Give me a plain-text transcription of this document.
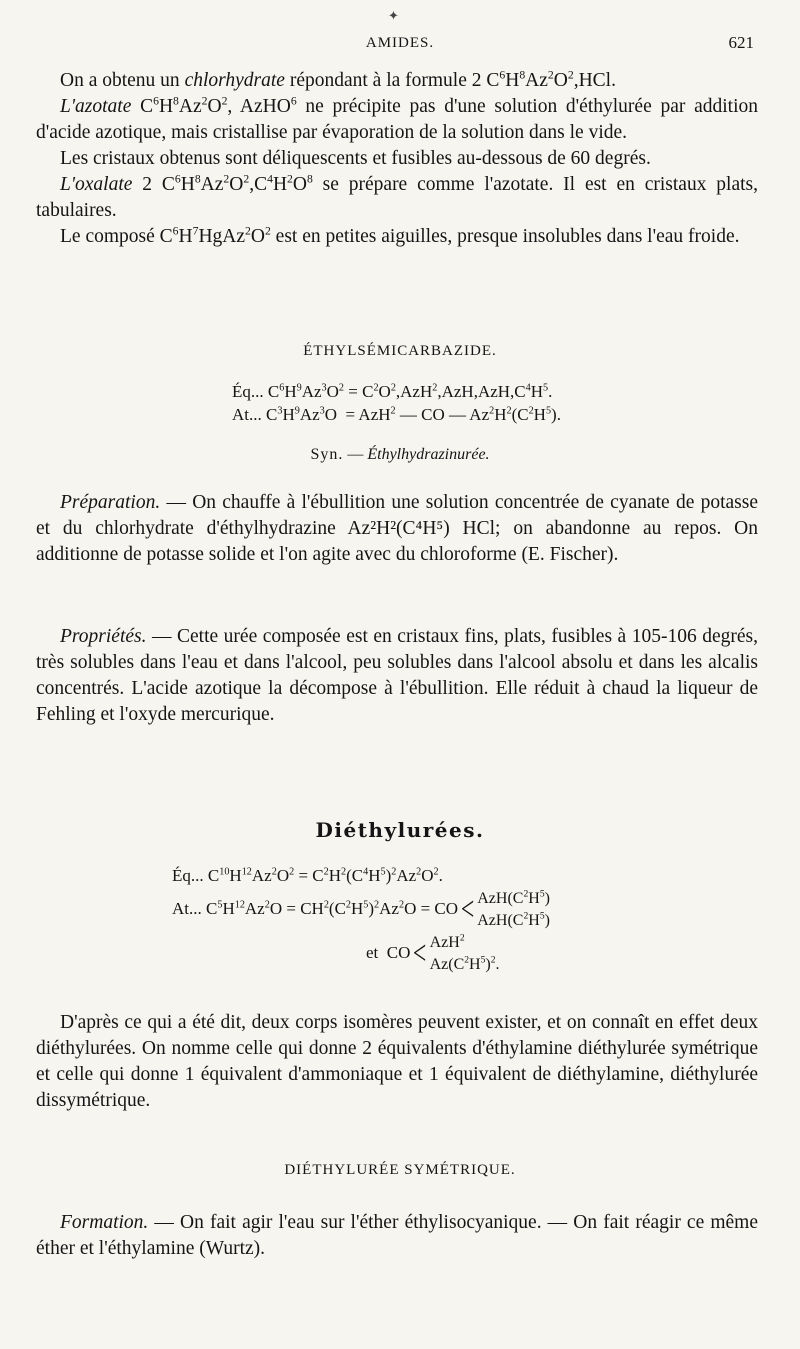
✦
AMIDES.	621

On a obtenu un chlorhydrate répondant à la formule 2 $C^6H^8Az^2O^2,HCl$.

L'azotate $C^6H^8Az^2O^2$, AzHO$^6$ ne précipite pas d'une solution d'éthylurée par addition d'acide azotique, mais cristallise par évaporation de la solution dans le vide.

Les cristaux obtenus sont déliquescents et fusibles au-dessous de 60 degrés.

L'oxalate 2 $C^6H^8Az^2O^2,C^4H^2O^8$ se prépare comme l'azotate. Il est en cristaux plats, tabulaires.

Le composé $C^6H^7HgAz^2O^2$ est en petites aiguilles, presque insolubles dans l'eau froide.

ÉTHYLSÉMICARBAZIDE.
Éq... $C^6H^9Az^3O^2 = C^2O^2,AzH^2,AzH,AzH,C^4H^5$.
At... $C^3H^9Az^3O = AzH^2$ — CO — $Az^2H^2(C^2H^5)$.
Syn. — Éthylhydrazinurée.

Préparation. — On chauffe à l'ébullition une solution concentrée de cyanate de potasse et du chlorhydrate d'éthylhydrazine Az²H²(C⁴H⁵) HCl; on abandonne au repos. On additionne de potasse solide et l'on agite avec du chloroforme (E. Fischer).

Propriétés. — Cette urée composée est en cristaux fins, plats, fusibles à 105-106 degrés, très solubles dans l'eau et dans l'alcool, peu solubles dans l'alcool absolu et dans les alcalis concentrés. L'acide azotique la décompose à l'ébullition. Elle réduit à chaud la liqueur de Fehling et l'oxyde mercurique.

Diéthylurées.
Éq... $C^{10}H^{12}Az^2O^2 = C^2H^2(C^4H^5)^2Az^2O^2$.
At... $C^5H^{12}Az^2O = CH^2(C^2H^5)^2Az^2O = CO< AzH(C^2H^5)$
$AzH(C^2H^5)$
et  CO< AzH$^2$
$Az(C^2H^5)^2$.

D'après ce qui a été dit, deux corps isomères peuvent exister, et on connaît en effet deux diéthylurées. On nomme celle qui donne 2 équivalents d'éthylamine diéthylurée symétrique et celle qui donne 1 équivalent d'ammoniaque et 1 équivalent de diéthylamine, diéthylurée dissymétrique.

DIÉTHYLURÉE SYMÉTRIQUE.

Formation. — On fait agir l'eau sur l'éther éthylisocyanique. — On fait réagir ce même éther et l'éthylamine (Wurtz).
